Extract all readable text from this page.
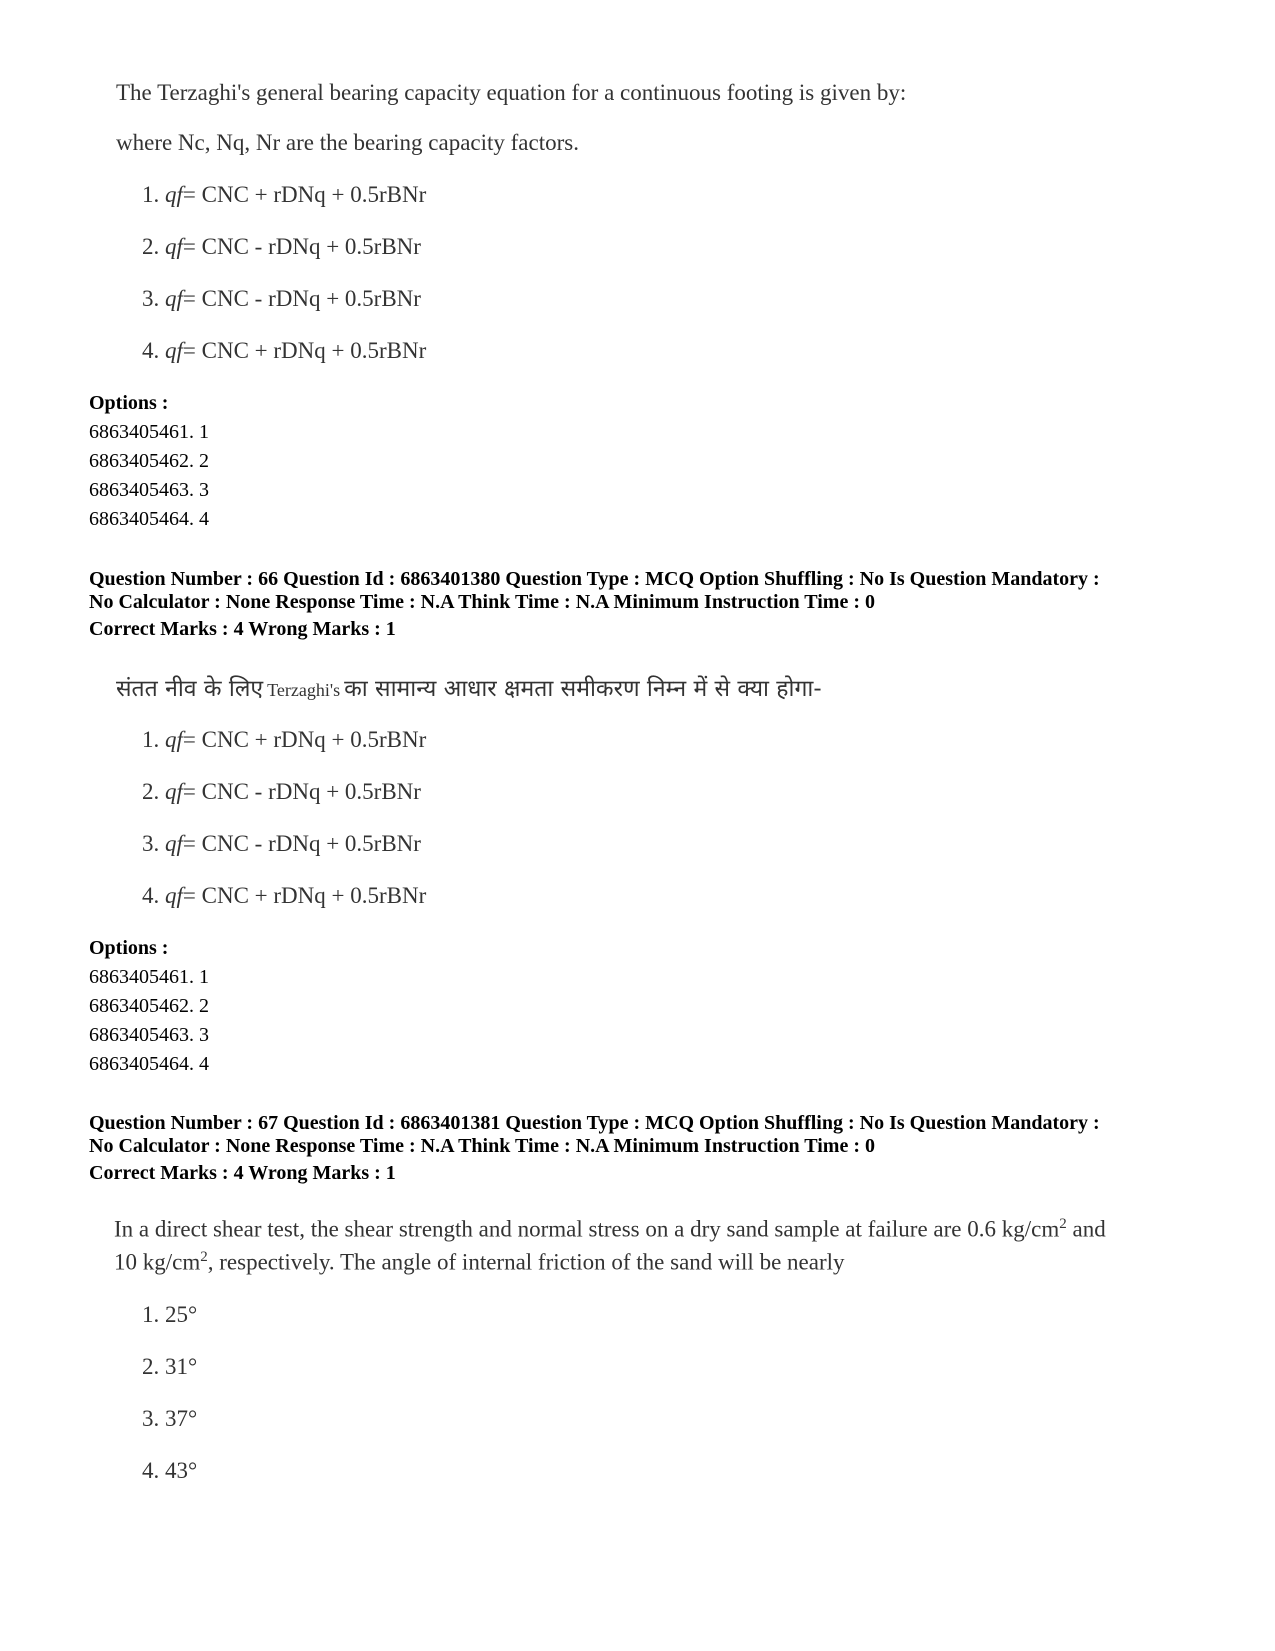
The Terzaghi's general bearing capacity equation for a continuous footing is given by:
where Nc, Nq, Nr are the bearing capacity factors.
1. qf= CNC + rDNq + 0.5rBNr
2. qf= CNC - rDNq + 0.5rBNr
3. qf= CNC - rDNq + 0.5rBNr
4. qf= CNC + rDNq + 0.5rBNr
Options :
6863405461. 1
6863405462. 2
6863405463. 3
6863405464. 4
Question Number : 66 Question Id : 6863401380 Question Type : MCQ Option Shuffling : No Is Question Mandatory :
No Calculator : None Response Time : N.A Think Time : N.A Minimum Instruction Time : 0
Correct Marks : 4 Wrong Marks : 1
संतत नीव के लिए Terzaghi's का सामान्य आधार क्षमता समीकरण निम्न में से क्या होगा-
1. qf= CNC + rDNq + 0.5rBNr
2. qf= CNC - rDNq + 0.5rBNr
3. qf= CNC - rDNq + 0.5rBNr
4. qf= CNC + rDNq + 0.5rBNr
Options :
6863405461. 1
6863405462. 2
6863405463. 3
6863405464. 4
Question Number : 67 Question Id : 6863401381 Question Type : MCQ Option Shuffling : No Is Question Mandatory :
No Calculator : None Response Time : N.A Think Time : N.A Minimum Instruction Time : 0
Correct Marks : 4 Wrong Marks : 1
In a direct shear test, the shear strength and normal stress on a dry sand sample at failure are 0.6 $kg/cm^2$ and
10 $kg/cm^2$, respectively. The angle of internal friction of the sand will be nearly
1. 25°
2. 31°
3. 37°
4. 43°
